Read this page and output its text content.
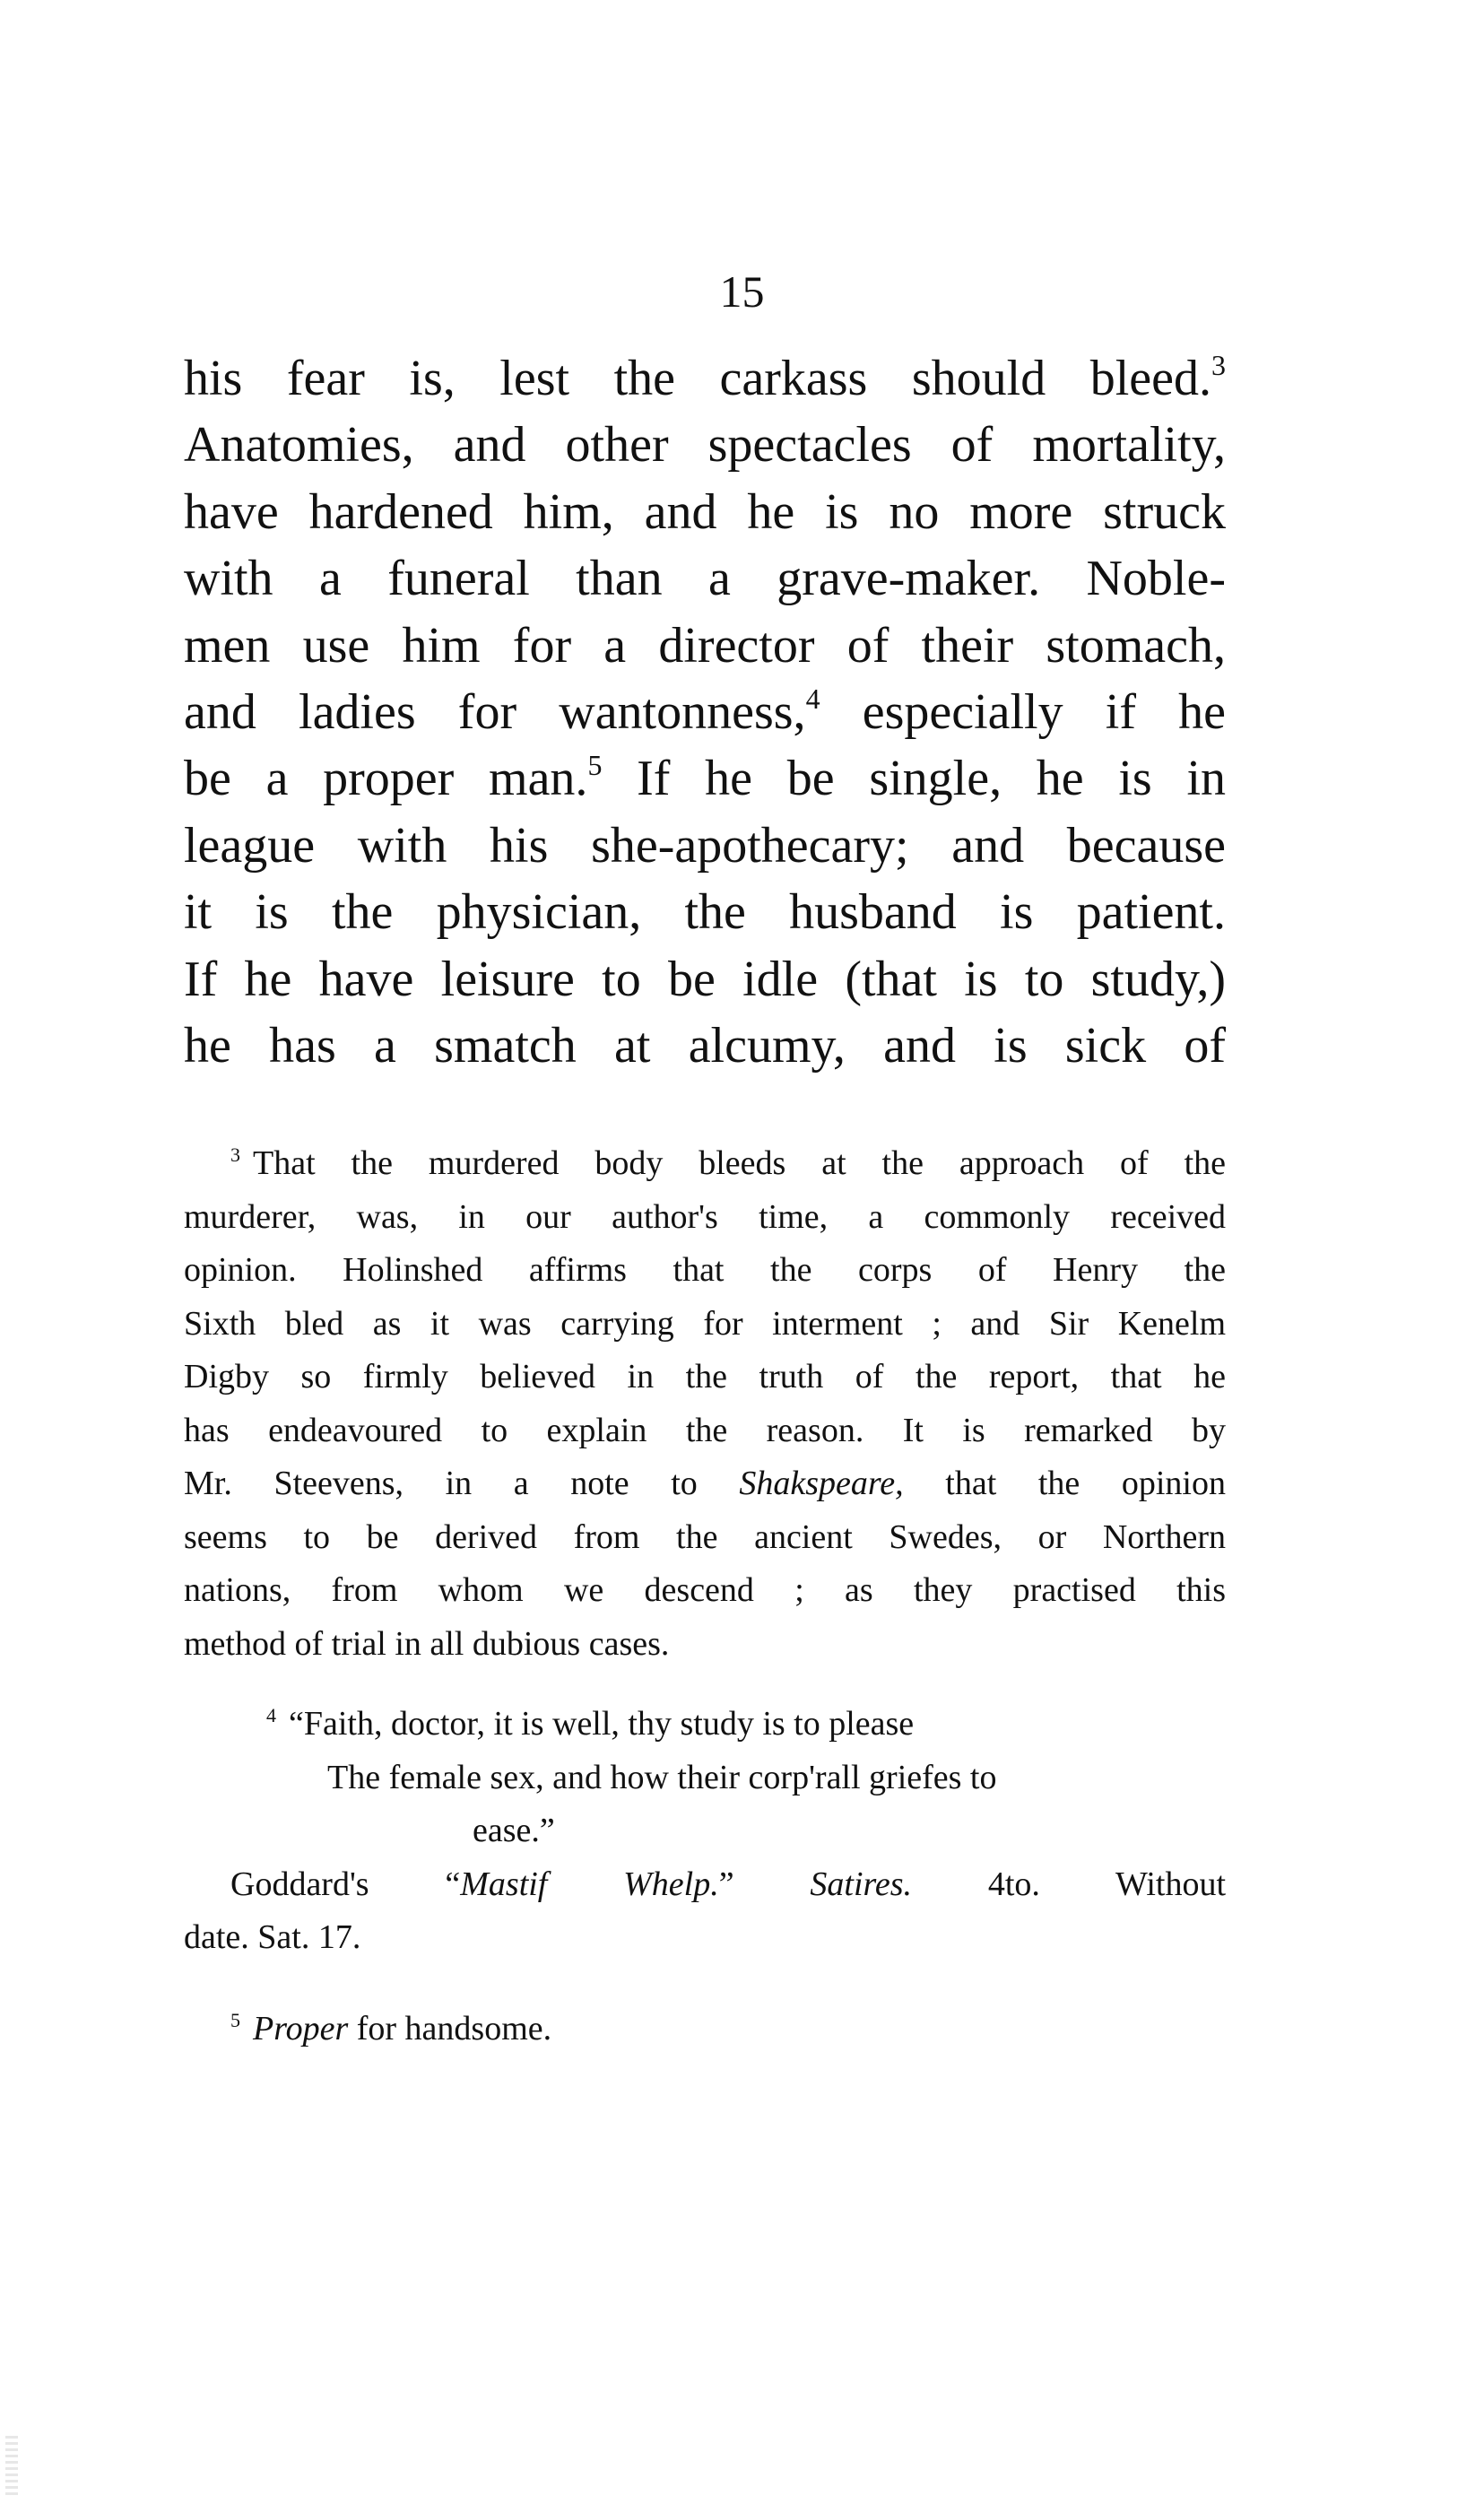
15
his fear is, lest the carkass should bleed.$^3$
Anatomies, and other spectacles of mortality,
have hardened him, and he is no more struck
with a funeral than a grave-maker. Noble-
men use him for a director of their stomach,
and ladies for wantonness,$^4$ especially if he
be a proper man.$^5$ If he be single, he is in
league with his she-apothecary; and because
it is the physician, the husband is patient.
If he have leisure to be idle (that is to study,)
he has a smatch at alcumy, and is sick of
$^3$ That the murdered body bleeds at the approach of the
murderer, was, in our author's time, a commonly received
opinion. Holinshed affirms that the corps of Henry the
Sixth bled as it was carrying for interment ; and Sir Kenelm
Digby so firmly believed in the truth of the report, that he
has endeavoured to explain the reason. It is remarked by
Mr. Steevens, in a note to Shakspeare, that the opinion
seems to be derived from the ancient Swedes, or Northern
nations, from whom we descend ; as they practised this
method of trial in all dubious cases.
$^4$ “Faith, doctor, it is well, thy study is to please
The female sex, and how their corp'rall griefes to
ease.”
Goddard's “Mastif Whelp.” Satires. 4to. Without
date. Sat. 17.
$^5$ Proper for handsome.
